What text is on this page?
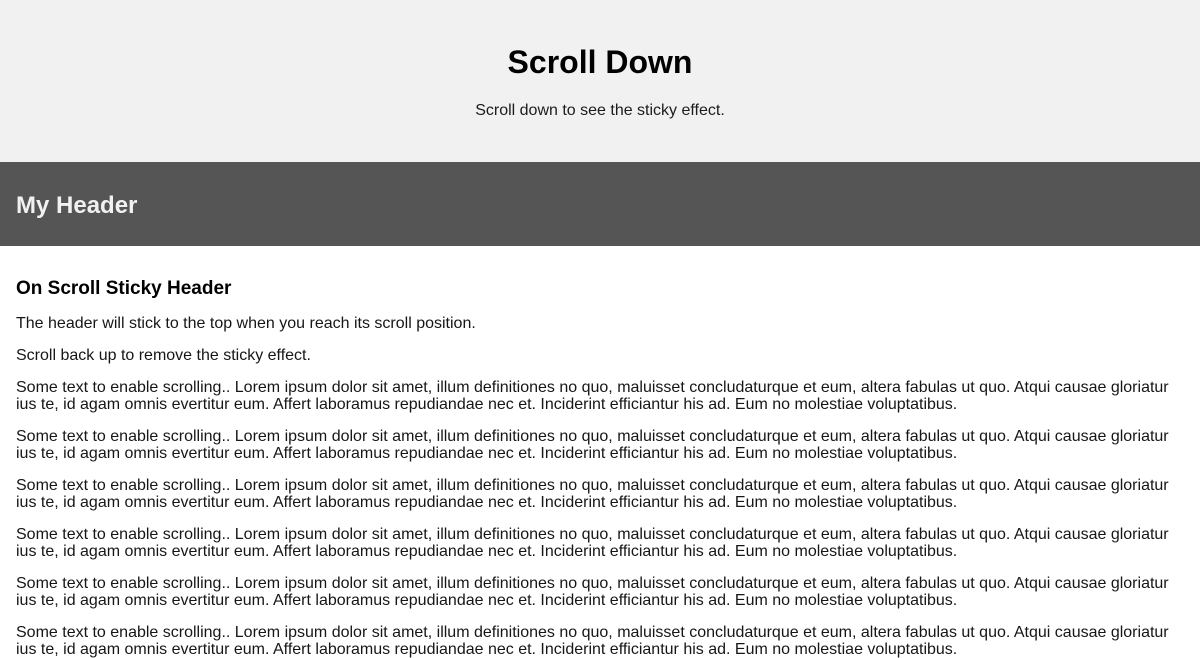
Scroll Down

Scroll down to see the sticky effect.

My Header
On Scroll Sticky Header

The header will stick to the top when you reach its scroll position.

Scroll back up to remove the sticky effect.

Some text to enable scrolling.. Lorem ipsum dolor sit amet, illum definitiones no quo, maluisset concludaturque et eum, altera fabulas ut quo. Atqui causae gloriatur ius te, id agam omnis evertitur eum. Affert laboramus repudiandae nec et. Inciderint efficiantur his ad. Eum no molestiae voluptatibus.

Some text to enable scrolling.. Lorem ipsum dolor sit amet, illum definitiones no quo, maluisset concludaturque et eum, altera fabulas ut quo. Atqui causae gloriatur ius te, id agam omnis evertitur eum. Affert laboramus repudiandae nec et. Inciderint efficiantur his ad. Eum no molestiae voluptatibus.

Some text to enable scrolling.. Lorem ipsum dolor sit amet, illum definitiones no quo, maluisset concludaturque et eum, altera fabulas ut quo. Atqui causae gloriatur ius te, id agam omnis evertitur eum. Affert laboramus repudiandae nec et. Inciderint efficiantur his ad. Eum no molestiae voluptatibus.

Some text to enable scrolling.. Lorem ipsum dolor sit amet, illum definitiones no quo, maluisset concludaturque et eum, altera fabulas ut quo. Atqui causae gloriatur ius te, id agam omnis evertitur eum. Affert laboramus repudiandae nec et. Inciderint efficiantur his ad. Eum no molestiae voluptatibus.

Some text to enable scrolling.. Lorem ipsum dolor sit amet, illum definitiones no quo, maluisset concludaturque et eum, altera fabulas ut quo. Atqui causae gloriatur ius te, id agam omnis evertitur eum. Affert laboramus repudiandae nec et. Inciderint efficiantur his ad. Eum no molestiae voluptatibus.

Some text to enable scrolling.. Lorem ipsum dolor sit amet, illum definitiones no quo, maluisset concludaturque et eum, altera fabulas ut quo. Atqui causae gloriatur ius te, id agam omnis evertitur eum. Affert laboramus repudiandae nec et. Inciderint efficiantur his ad. Eum no molestiae voluptatibus.
